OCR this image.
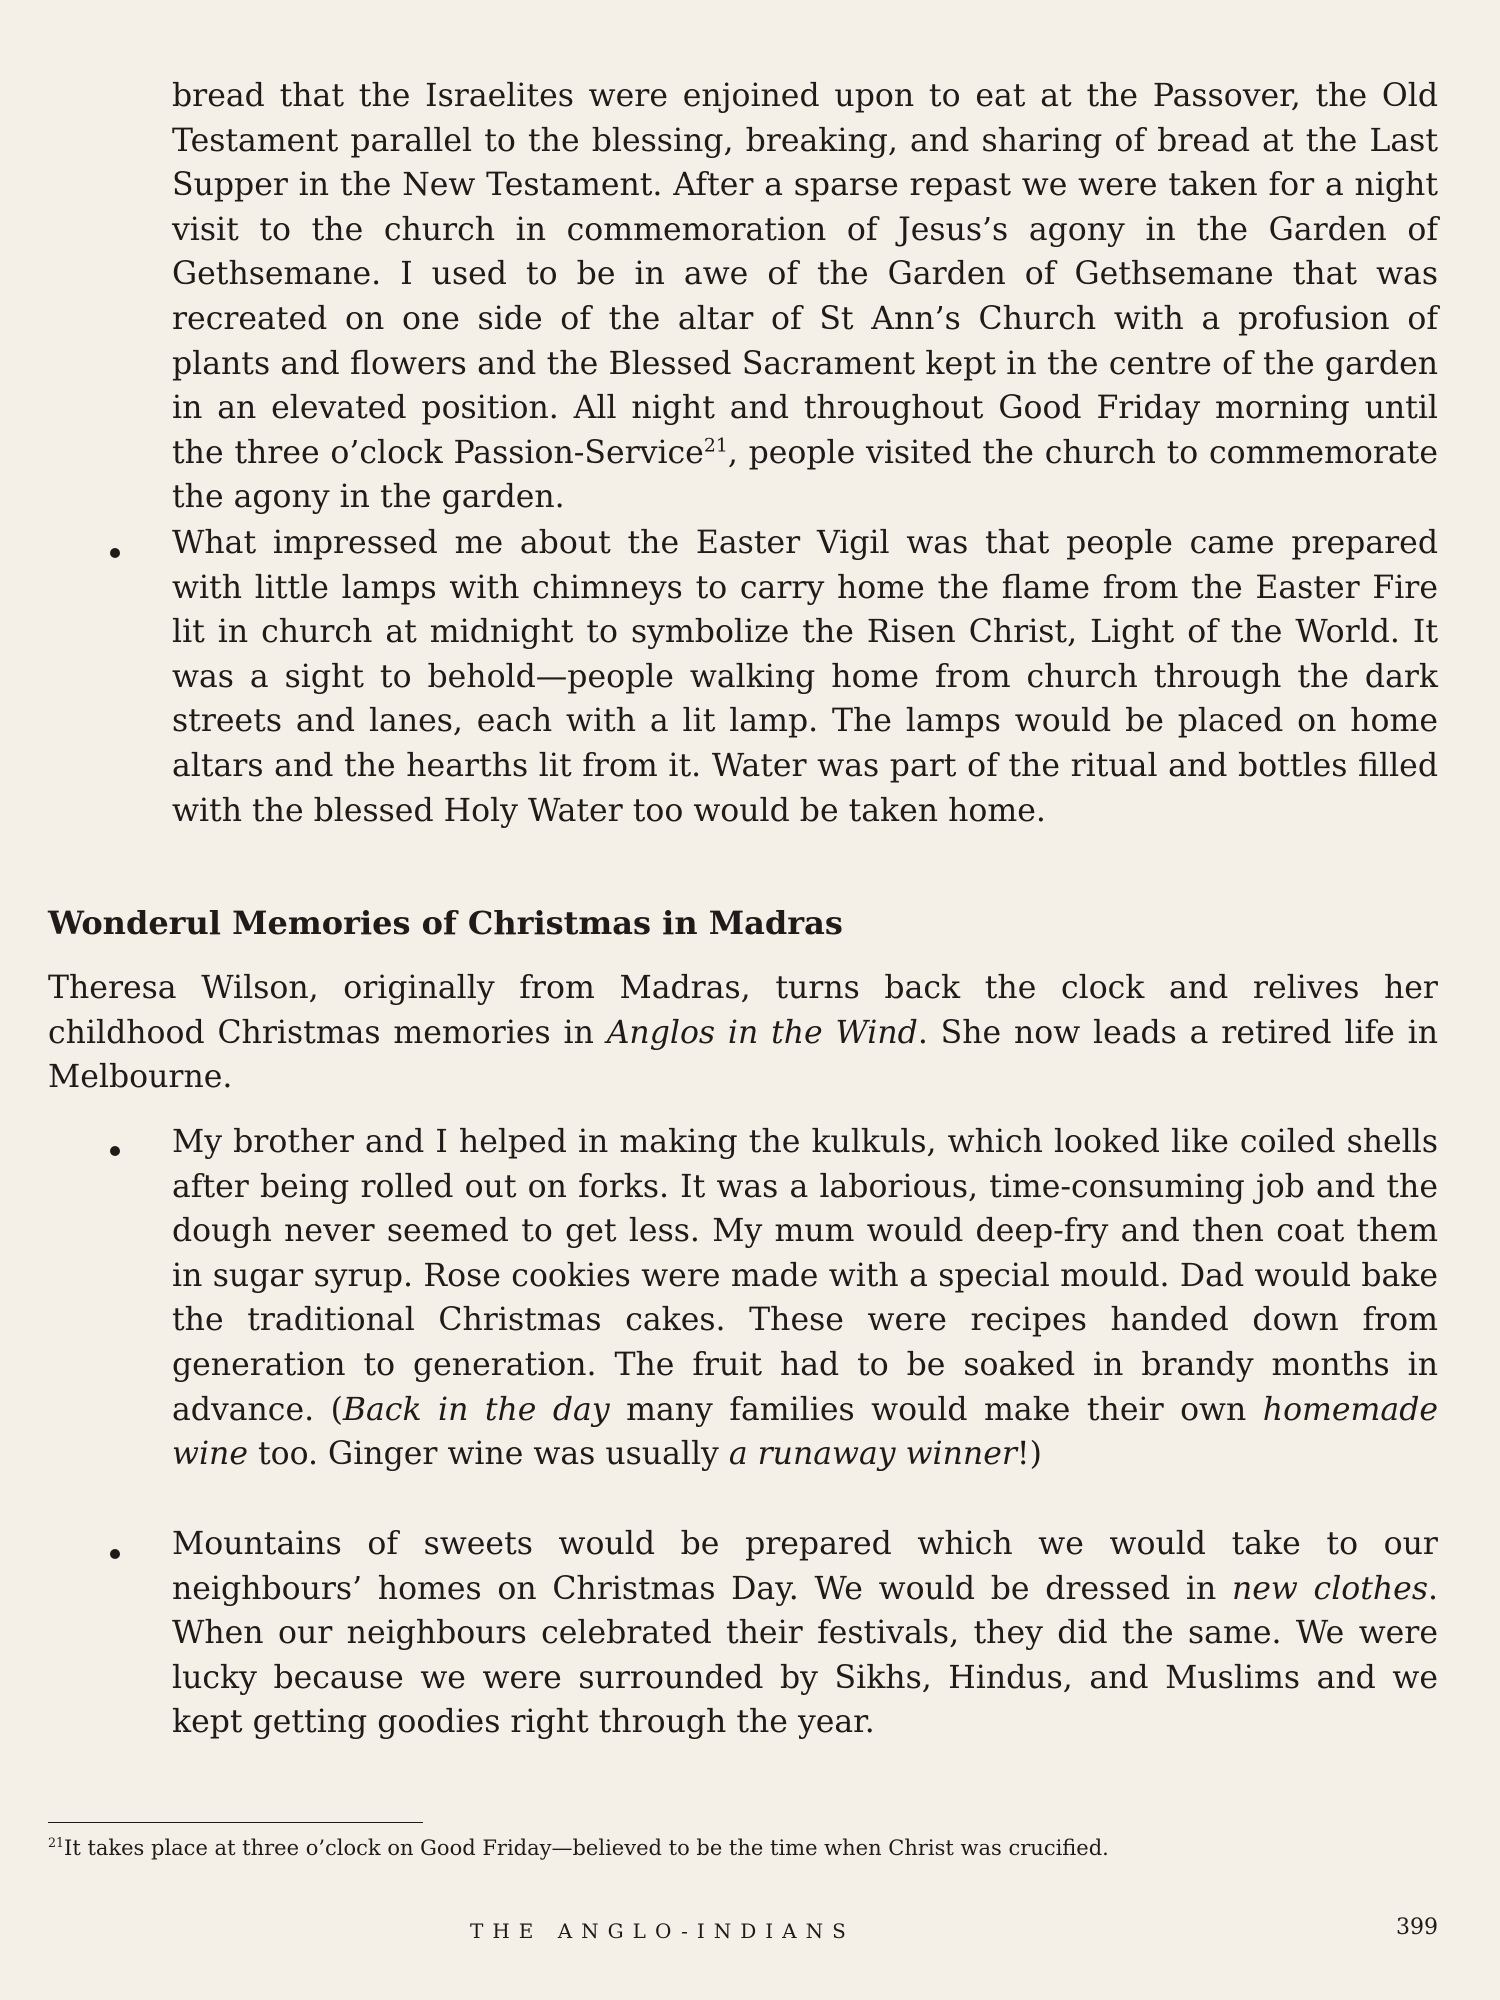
bread that the Israelites were enjoined upon to eat at the Passover, the Old Testament parallel to the blessing, breaking, and sharing of bread at the Last Supper in the New Testament. After a sparse repast we were taken for a night visit to the church in commemoration of Jesus’s agony in the Garden of Gethsemane. I used to be in awe of the Garden of Gethsemane that was recreated on one side of the altar of St Ann’s Church with a profusion of plants and flowers and the Blessed Sacrament kept in the centre of the garden in an elevated position. All night and throughout Good Friday morning until the three o’clock Passion-Service$^{21}$, people visited the church to commemorate the agony in the garden.

What impressed me about the Easter Vigil was that people came prepared with little lamps with chimneys to carry home the flame from the Easter Fire lit in church at midnight to symbolize the Risen Christ, Light of the World. It was a sight to behold—people walking home from church through the dark streets and lanes, each with a lit lamp. The lamps would be placed on home altars and the hearths lit from it. Water was part of the ritual and bottles filled with the blessed Holy Water too would be taken home.

Wonderul Memories of Christmas in Madras

Theresa Wilson, originally from Madras, turns back the clock and relives her childhood Christmas memories in Anglos in the Wind. She now leads a retired life in Melbourne.

My brother and I helped in making the kulkuls, which looked like coiled shells after being rolled out on forks. It was a laborious, time-consuming job and the dough never seemed to get less. My mum would deep-fry and then coat them in sugar syrup. Rose cookies were made with a special mould. Dad would bake the traditional Christmas cakes. These were recipes handed down from generation to generation. The fruit had to be soaked in brandy months in advance. (Back in the day many families would make their own homemade wine too. Ginger wine was usually a runaway winner!)

Mountains of sweets would be prepared which we would take to our neighbours’ homes on Christmas Day. We would be dressed in new clothes. When our neighbours celebrated their festivals, they did the same. We were lucky because we were surrounded by Sikhs, Hindus, and Muslims and we kept getting goodies right through the year.

$^{21}$It takes place at three o’clock on Good Friday—believed to be the time when Christ was crucified.

THE ANGLO-INDIANS	399
